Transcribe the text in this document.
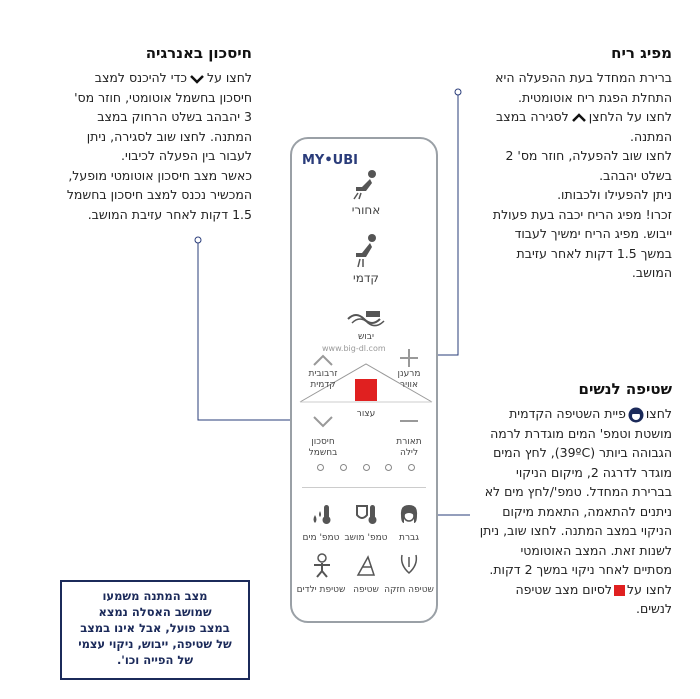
חיסכון באנרגיה
לחצו עלכדי להיכנס למצב
חיסכון בחשמל אוטומטי, חוזר מס'
3 יהבהב בשלט הרחוק במצב
המתנה. לחצו שוב לסגירה, ניתן
לעבור בין הפעלה לכיבוי.
כאשר מצב חיסכון אוטומטי מופעל,
המכשיר נכנס למצב חיסכון בחשמל
1.5 דקות לאחר עזיבת המושב.
מפיג ריח
ברירת המחדל בעת ההפעלה היא
התחלת הפגת ריח אוטומטית.
לחצו על הלחצןלסגירה במצב
המתנה.
לחצו שוב להפעלה, חוזר מס' 2
בשלט יהבהב.
ניתן להפעילו ולכבותו.
זכרו! מפיג הריח יכבה בעת פעולת
ייבוש. מפיג הריח ימשיך לעבוד
במשך 1.5 דקות לאחר עזיבת
המושב.
שטיפה לנשים
לחצופיית השטיפה הקדמית
מושטת וטמפ' המים מוגדרת לרמה
הגבוהה ביותר (39ºC), לחץ המים
מוגדר לדרגה 2, מיקום הניקוי
בברירת המחדל. טמפ'/לחץ מים לא
ניתנים להתאמה, התאמת מיקום
הניקוי במצב המתנה. לחצו שוב, ניתן
לשנות זאת. המצב האוטומטי
מסתיים לאחר ניקוי במשך 2 דקות.
לחצו עללסיום מצב שטיפה
לנשים.
מצב המתנה משמעו
שמושב האסלה נמצא
במצב פועל, אבל אינו במצב
של שטיפה, ייבוש, ניקוי עצמי
של הפייה וכו'.
MY•UBI
אחורי
קדמי
יבוש
www.big-dl.com
זרבובית
קדמית
מרענן
אוויר
עצור
חיסכון
בחשמל
תאורת
לילה
טמפ' מים טמפ' מושב	גברת
שטיפת ילדים שטיפה שטיפה חזקה
